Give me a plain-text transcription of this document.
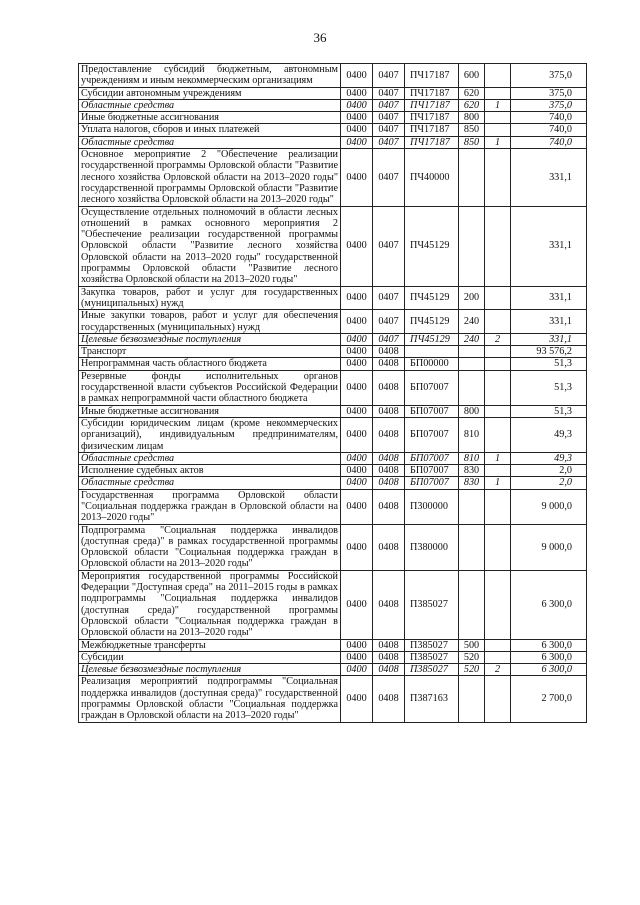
36
Предоставление субсидий бюджетным, автономным учреждениям и иным некоммерческим организациям	0400	0407	ПЧ17187	600		375,0
Субсидии автономным учреждениям	0400	0407	ПЧ17187	620		375,0
Областные средства	0400	0407	ПЧ17187	620	1	375,0
Иные бюджетные ассигнования	0400	0407	ПЧ17187	800		740,0
Уплата налогов, сборов и иных платежей	0400	0407	ПЧ17187	850		740,0
Областные средства	0400	0407	ПЧ17187	850	1	740,0
Основное мероприятие 2 "Обеспечение реализации государственной программы Орловской области "Развитие лесного хозяйства Орловской области на 2013–2020 годы" государственной программы Орловской области "Развитие лесного хозяйства Орловской области на 2013–2020 годы"	0400	0407	ПЧ40000			331,1
Осуществление отдельных полномочий в области лесных отношений в рамках основного мероприятия 2 "Обеспечение реализации государственной программы Орловской области "Развитие лесного хозяйства Орловской области на 2013–2020 годы" государственной программы Орловской области "Развитие лесного хозяйства Орловской области на 2013–2020 годы"	0400	0407	ПЧ45129			331,1
Закупка товаров, работ и услуг для государственных (муниципальных) нужд	0400	0407	ПЧ45129	200		331,1
Иные закупки товаров, работ и услуг для обеспечения государственных (муниципальных) нужд	0400	0407	ПЧ45129	240		331,1
Целевые безвозмездные поступления	0400	0407	ПЧ45129	240	2	331,1
Транспорт	0400	0408				93 576,2
Непрограммная часть областного бюджета	0400	0408	БП00000			51,3
Резервные фонды исполнительных органов государственной власти субъектов Российской Федерации в рамках непрограммной части областного бюджета	0400	0408	БП07007			51,3
Иные бюджетные ассигнования	0400	0408	БП07007	800		51,3
Субсидии юридическим лицам (кроме некоммерческих организаций), индивидуальным предпринимателям, физическим лицам	0400	0408	БП07007	810		49,3
Областные средства	0400	0408	БП07007	810	1	49,3
Исполнение судебных актов	0400	0408	БП07007	830		2,0
Областные средства	0400	0408	БП07007	830	1	2,0
Государственная программа Орловской области "Социальная поддержка граждан в Орловской области на 2013–2020 годы"	0400	0408	П300000			9 000,0
Подпрограмма "Социальная поддержка инвалидов (доступная среда)" в рамках государственной программы Орловской области "Социальная поддержка граждан в Орловской области на 2013–2020 годы"	0400	0408	П380000			9 000,0
Мероприятия государственной программы Российской Федерации "Доступная среда" на 2011–2015 годы в рамках подпрограммы "Социальная поддержка инвалидов (доступная среда)" государственной программы Орловской области "Социальная поддержка граждан в Орловской области на 2013–2020 годы"	0400	0408	П385027			6 300,0
Межбюджетные трансферты	0400	0408	П385027	500		6 300,0
Субсидии	0400	0408	П385027	520		6 300,0
Целевые безвозмездные поступления	0400	0408	П385027	520	2	6 300,0
Реализация мероприятий подпрограммы "Социальная поддержка инвалидов (доступная среда)" государственной программы Орловской области "Социальная поддержка граждан в Орловской области на 2013–2020 годы"	0400	0408	П387163			2 700,0
